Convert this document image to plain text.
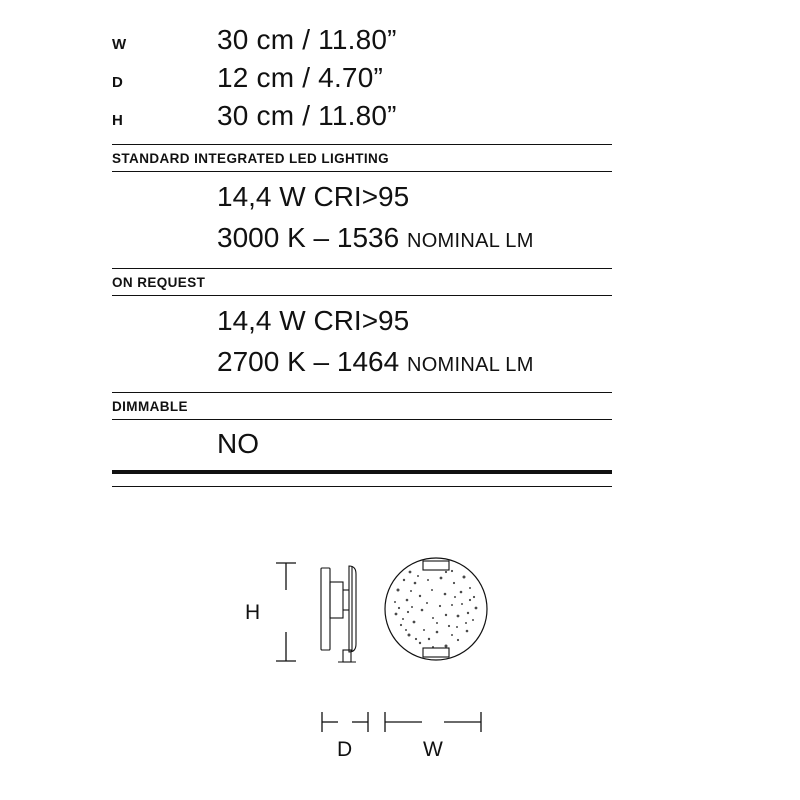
W	30 cm / 11.80”
D	12 cm / 4.70”
H	30 cm / 11.80”
STANDARD INTEGRATED LED LIGHTING
14,4 W CRI>95
3000 K – 1536 NOMINAL LM
ON REQUEST
14,4 W CRI>95
2700 K – 1464 NOMINAL LM
DIMMABLE
NO
H
D	W
